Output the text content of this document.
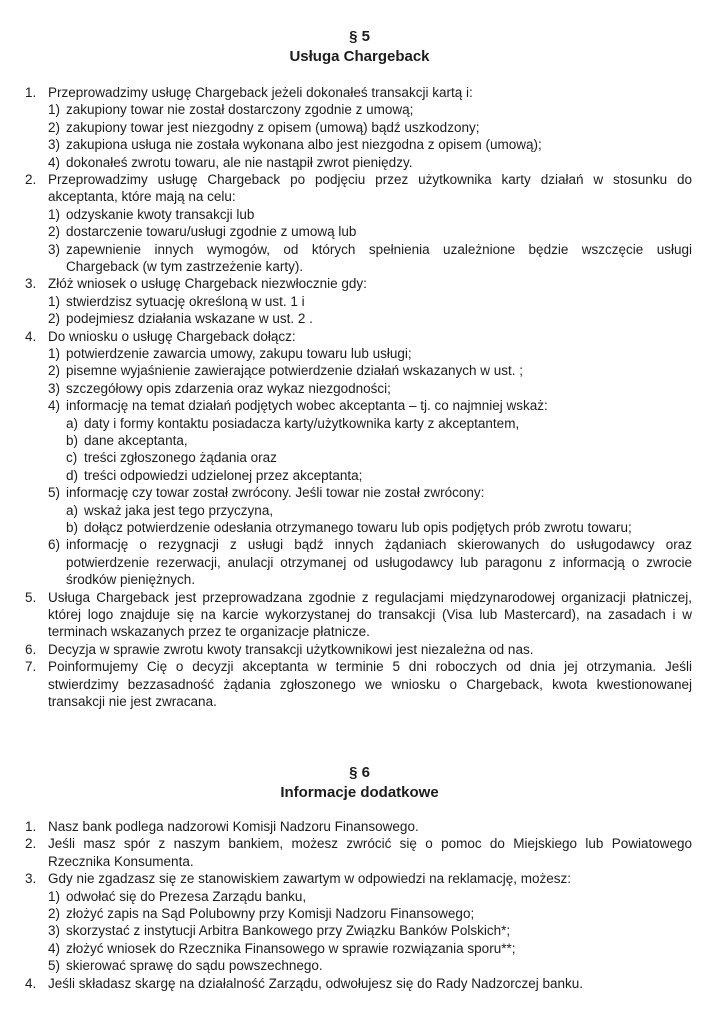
§ 5
Usługa Chargeback
1. Przeprowadzimy usługę Chargeback jeżeli dokonałeś transakcji kartą i:
1) zakupiony towar nie został dostarczony zgodnie z umową;
2) zakupiony towar jest niezgodny z opisem (umową) bądź uszkodzony;
3) zakupiona usługa nie została wykonana albo jest niezgodna z opisem (umową);
4) dokonałeś zwrotu towaru, ale nie nastąpił zwrot pieniędzy.
2. Przeprowadzimy usługę Chargeback po podjęciu przez użytkownika karty działań w stosunku do
akceptanta, które mają na celu:
1) odzyskanie kwoty transakcji lub
2) dostarczenie towaru/usługi zgodnie z umową lub
3) zapewnienie innych wymogów, od których spełnienia uzależnione będzie wszczęcie usługi
Chargeback (w tym zastrzeżenie karty).
3. Złóż wniosek o usługę Chargeback niezwłocznie gdy:
1) stwierdzisz sytuację określoną w ust. 1 i
2) podejmiesz działania wskazane w ust. 2 .
4. Do wniosku o usługę Chargeback dołącz:
1) potwierdzenie zawarcia umowy, zakupu towaru lub usługi;
2) pisemne wyjaśnienie zawierające potwierdzenie działań wskazanych w ust. ;
3) szczegółowy opis zdarzenia oraz wykaz niezgodności;
4) informację na temat działań podjętych wobec akceptanta – tj. co najmniej wskaż:
a) daty i formy kontaktu posiadacza karty/użytkownika karty z akceptantem,
b) dane akceptanta,
c) treści zgłoszonego żądania oraz
d) treści odpowiedzi udzielonej przez akceptanta;
5) informację czy towar został zwrócony. Jeśli towar nie został zwrócony:
a) wskaż jaka jest tego przyczyna,
b) dołącz potwierdzenie odesłania otrzymanego towaru lub opis podjętych prób zwrotu towaru;
6) informację o rezygnacji z usługi bądź innych żądaniach skierowanych do usługodawcy oraz
potwierdzenie rezerwacji, anulacji otrzymanej od usługodawcy lub paragonu z informacją o zwrocie
środków pieniężnych.
5. Usługa Chargeback jest przeprowadzana zgodnie z regulacjami międzynarodowej organizacji płatniczej,
której logo znajduje się na karcie wykorzystanej do transakcji (Visa lub Mastercard), na zasadach i w
terminach wskazanych przez te organizacje płatnicze.
6. Decyzja w sprawie zwrotu kwoty transakcji użytkownikowi jest niezależna od nas.
7. Poinformujemy Cię o decyzji akceptanta w terminie 5 dni roboczych od dnia jej otrzymania. Jeśli
stwierdzimy bezzasadność żądania zgłoszonego we wniosku o Chargeback, kwota kwestionowanej
transakcji nie jest zwracana.
§ 6
Informacje dodatkowe
1. Nasz bank podlega nadzorowi Komisji Nadzoru Finansowego.
2. Jeśli masz spór z naszym bankiem, możesz zwrócić się o pomoc do Miejskiego lub Powiatowego
Rzecznika Konsumenta.
3. Gdy nie zgadzasz się ze stanowiskiem zawartym w odpowiedzi na reklamację, możesz:
1) odwołać się do Prezesa Zarządu banku,
2) złożyć zapis na Sąd Polubowny przy Komisji Nadzoru Finansowego;
3) skorzystać z instytucji Arbitra Bankowego przy Związku Banków Polskich*;
4) złożyć wniosek do Rzecznika Finansowego w sprawie rozwiązania sporu**;
5) skierować sprawę do sądu powszechnego.
4. Jeśli składasz skargę na działalność Zarządu, odwołujesz się do Rady Nadzorczej banku.
